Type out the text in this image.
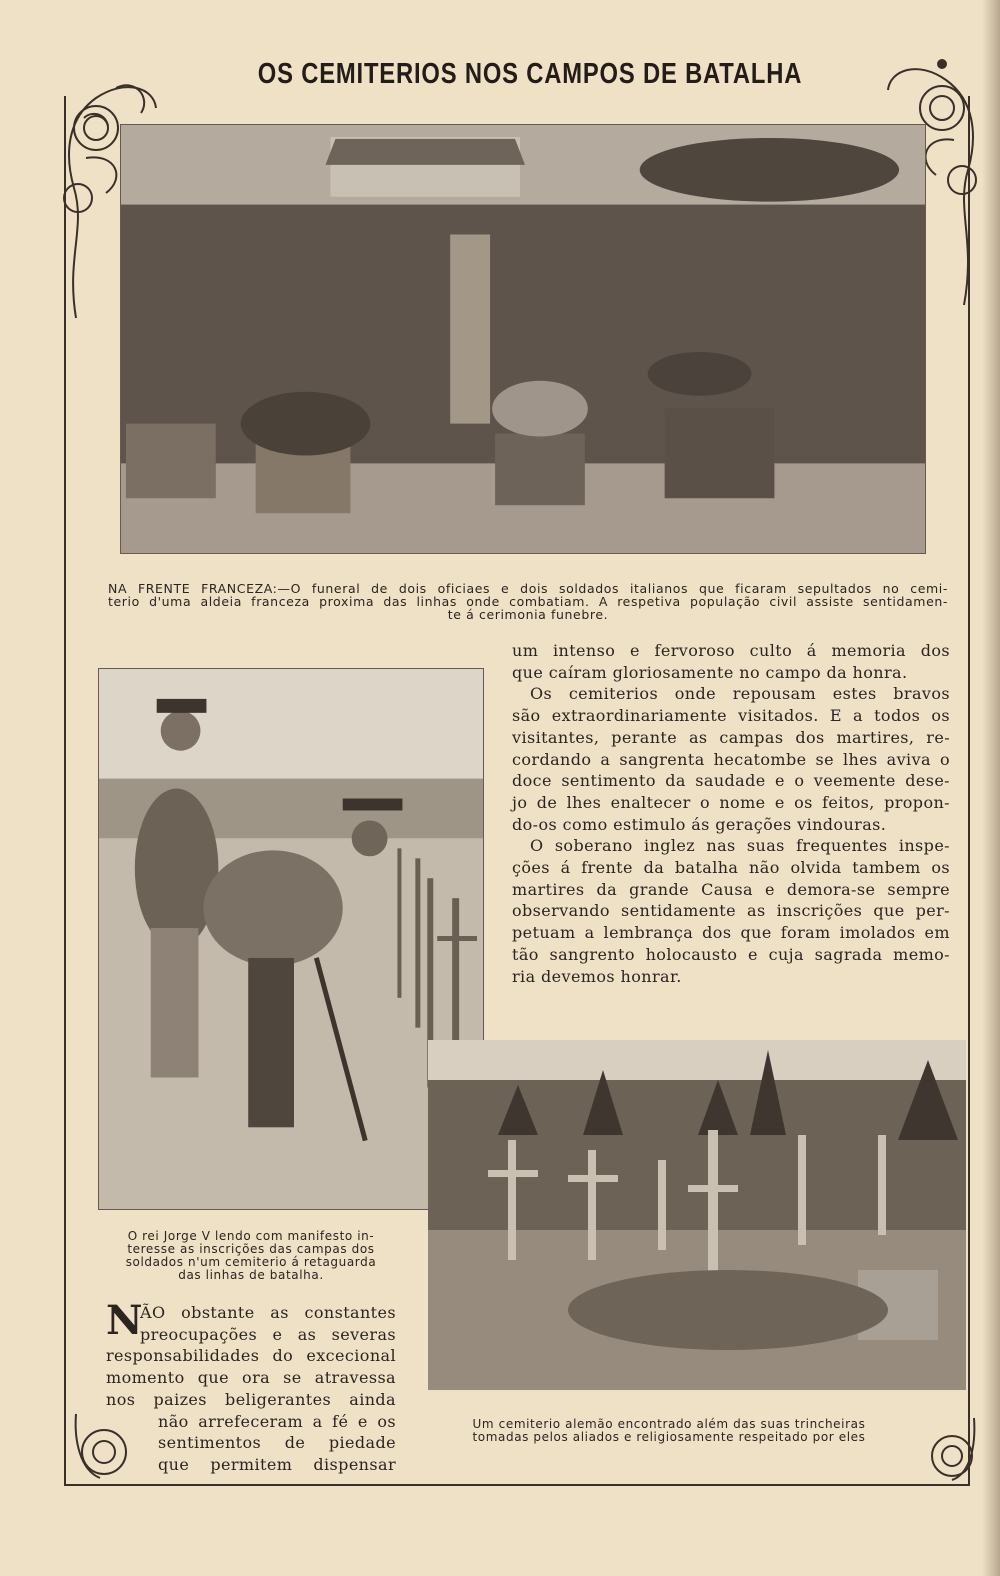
OS CEMITERIOS NOS CAMPOS DE BATALHA
NA FRENTE FRANCEZA:—O funeral de dois oficiaes e dois soldados italianos que ficaram sepultados no cemi-
terio d'uma aldeia franceza proxima das linhas onde combatiam. A respetiva população civil assiste sentidamen-
te á cerimonia funebre.
O rei Jorge V lendo com manifesto in-
teresse as inscrições das campas dos
soldados n'um cemiterio á retaguarda
das linhas de batalha.
Um cemiterio alemão encontrado além das suas trincheiras
tomadas pelos aliados e religiosamente respeitado por eles
um intenso e fervoroso culto á memoria dos
que caíram gloriosamente no campo da honra.
Os cemiterios onde repousam estes bravos
são extraordinariamente visitados. E a todos os
visitantes, perante as campas dos martires, re-
cordando a sangrenta hecatombe se lhes aviva o
doce sentimento da saudade e o veemente dese-
jo de lhes enaltecer o nome e os feitos, propon-
do-os como estimulo ás gerações vindouras.
O soberano inglez nas suas frequentes inspe-
ções á frente da batalha não olvida tambem os
martires da grande Causa e demora-se sempre
observando sentidamente as inscrições que per-
petuam a lembrança dos que foram imolados em
tão sangrento holocausto e cuja sagrada memo-
ria devemos honrar.
N
ÃO obstante as constantes
preocupações e as severas
responsabilidades do excecional
momento que ora se atravessa
nos paizes beligerantes ainda
não arrefeceram a fé e os
sentimentos de piedade
que permitem dispensar
